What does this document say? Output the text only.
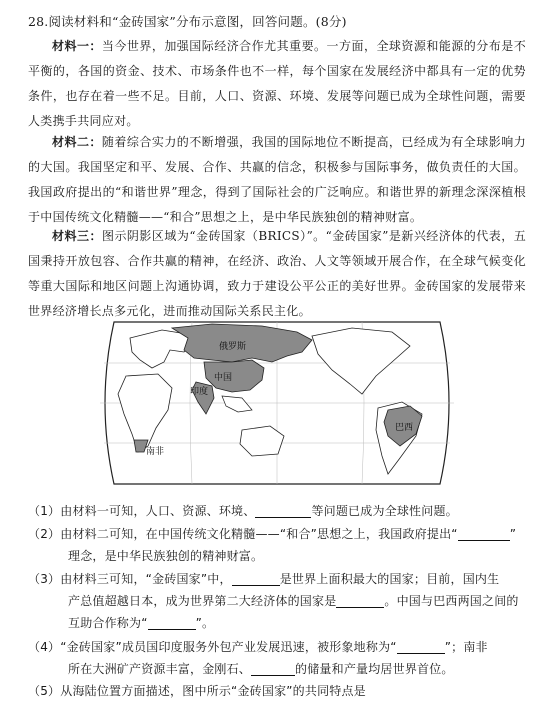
28.阅读材料和“金砖国家”分布示意图，回答问题。(8分)

材料一：当今世界，加强国际经济合作尤其重要。一方面，全球资源和能源的分布是不平衡的，各国的资金、技术、市场条件也不一样，每个国家在发展经济中都具有一定的优势条件，也存在着一些不足。目前，人口、资源、环境、发展等问题已成为全球性问题，需要人类携手共同应对。

材料二：随着综合实力的不断增强，我国的国际地位不断提高，已经成为有全球影响力的大国。我国坚定和平、发展、合作、共赢的信念，积极参与国际事务，做负责任的大国。我国政府提出的“和谐世界”理念，得到了国际社会的广泛响应。和谐世界的新理念深深植根于中国传统文化精髓——“和合”思想之上，是中华民族独创的精神财富。

材料三：图示阴影区域为“金砖国家（BRICS）”。“金砖国家”是新兴经济体的代表，五国秉持开放包容、合作共赢的精神，在经济、政治、人文等领域开展合作，在全球气候变化等重大国际和地区问题上沟通协调，致力于建设公平公正的美好世界。金砖国家的发展带来世界经济增长点多元化，进而推动国际关系民主化。

俄罗斯
中国
印度
巴西
南非
（1）由材料一可知，人口、资源、环境、	等问题已成为全球性问题。
（2）由材料二可知，在中国传统文化精髓——“和合”思想之上，我国政府提出“	”
理念，是中华民族独创的精神财富。
（3）由材料三可知，“金砖国家”中，	是世界上面积最大的国家；目前，国内生
产总值超越日本，成为世界第二大经济体的国家是	。中国与巴西两国之间的
互助合作称为“	”。
（4）“金砖国家”成员国印度服务外包产业发展迅速，被形象地称为“	”；南非
所在大洲矿产资源丰富，金刚石、	的储量和产量均居世界首位。
（5）从海陆位置方面描述，图中所示“金砖国家”的共同特点是
